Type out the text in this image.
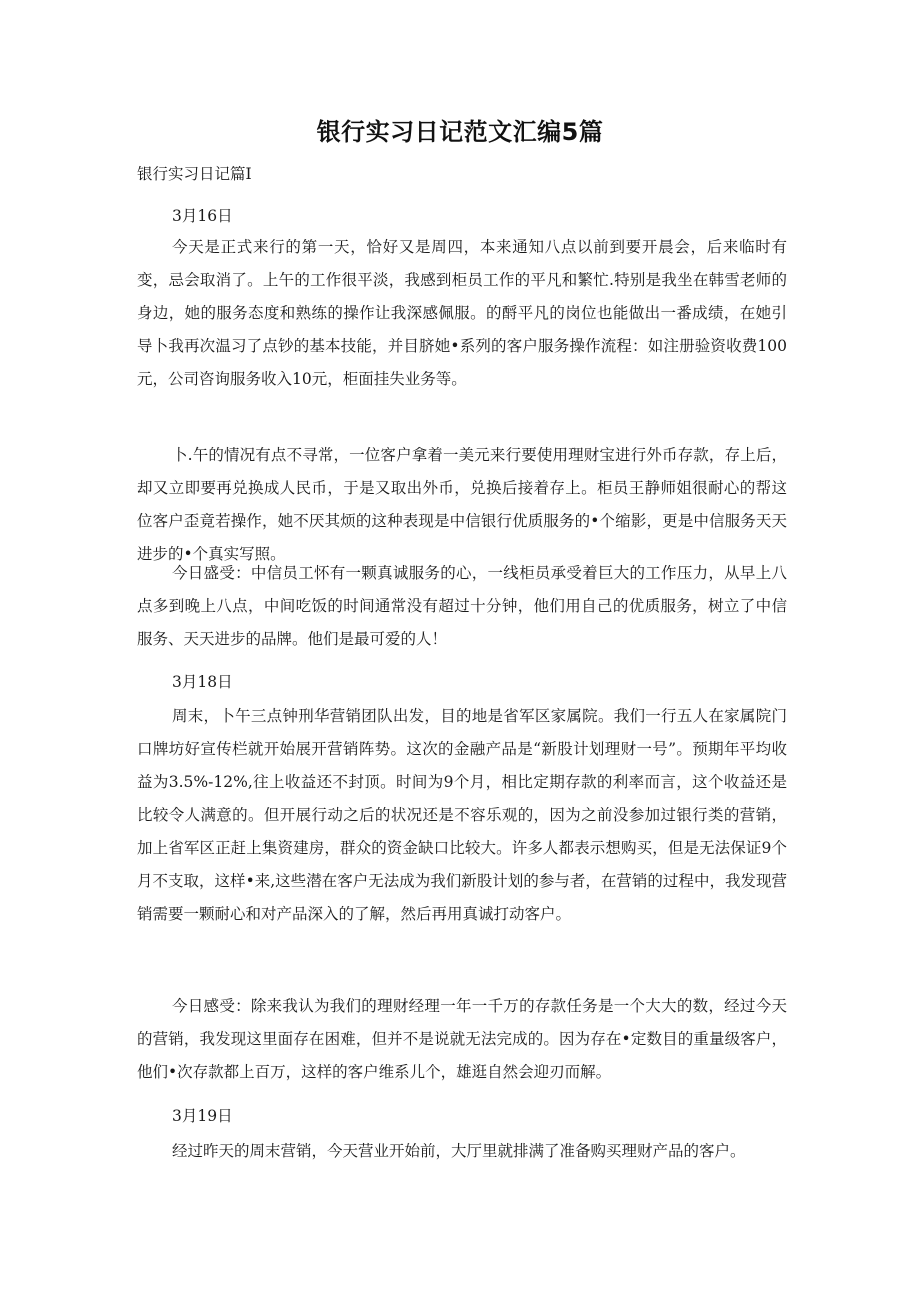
银行实习日记范文汇编5篇
银行实习日记篇I
3月16日

今天是正式来行的第一天，恰好又是周四，本来通知八点以前到要开晨会，后来临时有变，忌会取消了。上午的工作很平淡，我感到柜员工作的平凡和繁忙.特别是我坐在韩雪老师的身边，她的服务态度和熟练的操作让我深感佩服。的酹平凡的岗位也能做出一番成绩，在她引导卜我再次温习了点钞的基本技能，并目脐她•系列的客户服务操作流程：如注册验资收费100元，公司咨询服务收入10元，柜面挂失业务等。

卜.午的情况有点不寻常，一位客户拿着一美元来行要使用理财宝进行外币存款，存上后，却又立即要再兑换成人民币，于是又取出外币，兑换后接着存上。柜员王静师姐很耐心的帮这位客户歪竟若操作，她不厌其烦的这种表现是中信银行优质服务的•个缩影，更是中信服务天天进步的•个真实写照。

今日盛受：中信员工怀有一颗真诚服务的心，一线柜员承受着巨大的工作压力，从早上八点多到晚上八点，中间吃饭的时间通常没有超过十分钟，他们用自己的优质服务，树立了中信服务、天天进步的品牌。他们是最可爱的人！

3月18日

周末，卜午三点钟刑华营销团队出发，目的地是省军区家属院。我们一行五人在家属院门口牌坊好宣传栏就开始展开营销阵势。这次的金融产品是“新股计划理财一号”。预期年平均收益为3.5%-12%,往上收益还不封顶。时间为9个月，相比定期存款的利率而言，这个收益还是比较令人满意的。但开展行动之后的状况还是不容乐观的，因为之前没参加过银行类的营销，加上省军区正赶上集资建房，群众的资金缺口比较大。许多人都表示想购买，但是无法保证9个月不支取，这样•来,这些潜在客户无法成为我们新股计划的参与者，在营销的过程中，我发现营销需要一颗耐心和对产品深入的了解，然后再用真诚打动客户。

今日感受：除来我认为我们的理财经理一年一千万的存款任务是一个大大的数，经过今天的营销，我发现这里面存在困难，但并不是说就无法完成的。因为存在•定数目的重量级客户，他们•次存款都上百万，这样的客户维系儿个，雄逛自然会迎刃而解。

3月19日

经过昨天的周末营销，今天营业开始前，大厅里就排满了准备购买理财产品的客户。
